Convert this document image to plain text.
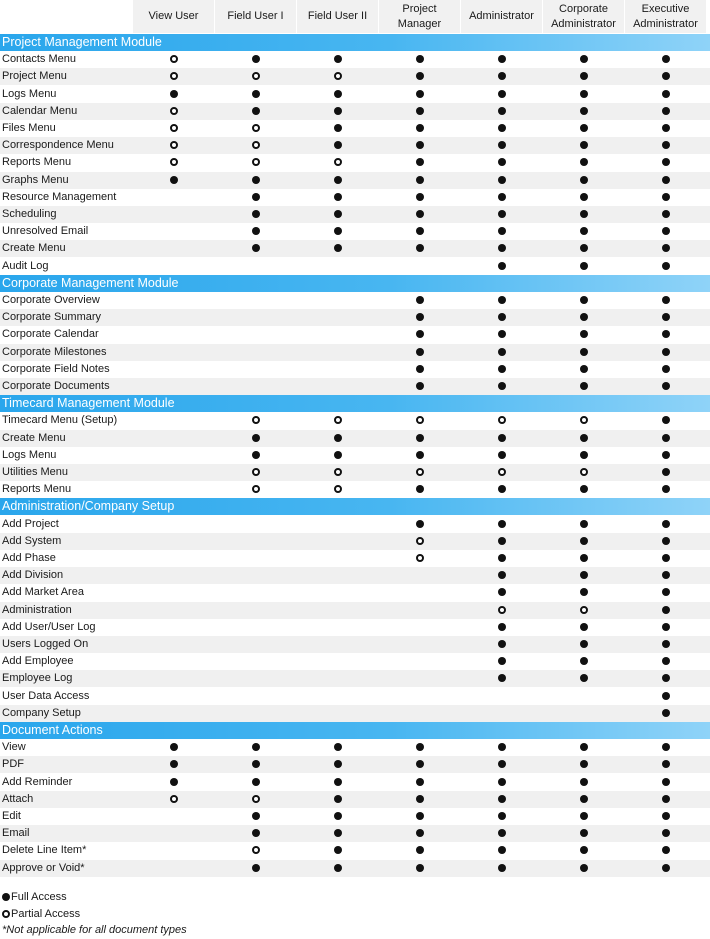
View User	Field User I	Field User II
Project
Manager
Administrator
Corporate
Administrator
Executive
Administrator
Project Management Module
Contacts Menu
Project Menu
Logs Menu
Calendar Menu
Files Menu
Correspondence Menu
Reports Menu
Graphs Menu
Resource Management
Scheduling
Unresolved Email
Create Menu
Audit Log
Corporate Management Module
Corporate Overview
Corporate Summary
Corporate Calendar
Corporate Milestones
Corporate Field Notes
Corporate Documents
Timecard Management Module
Timecard Menu (Setup)
Create Menu
Logs Menu
Utilities Menu
Reports Menu
Administration/Company Setup
Add Project
Add System
Add Phase
Add Division
Add Market Area
Administration
Add User/User Log
Users Logged On
Add Employee
Employee Log
User Data Access
Company Setup
Document Actions
View
PDF
Add Reminder
Attach
Edit
Email
Delete Line Item*
Approve or Void*
Full Access
Partial Access
*Not applicable for all document types
